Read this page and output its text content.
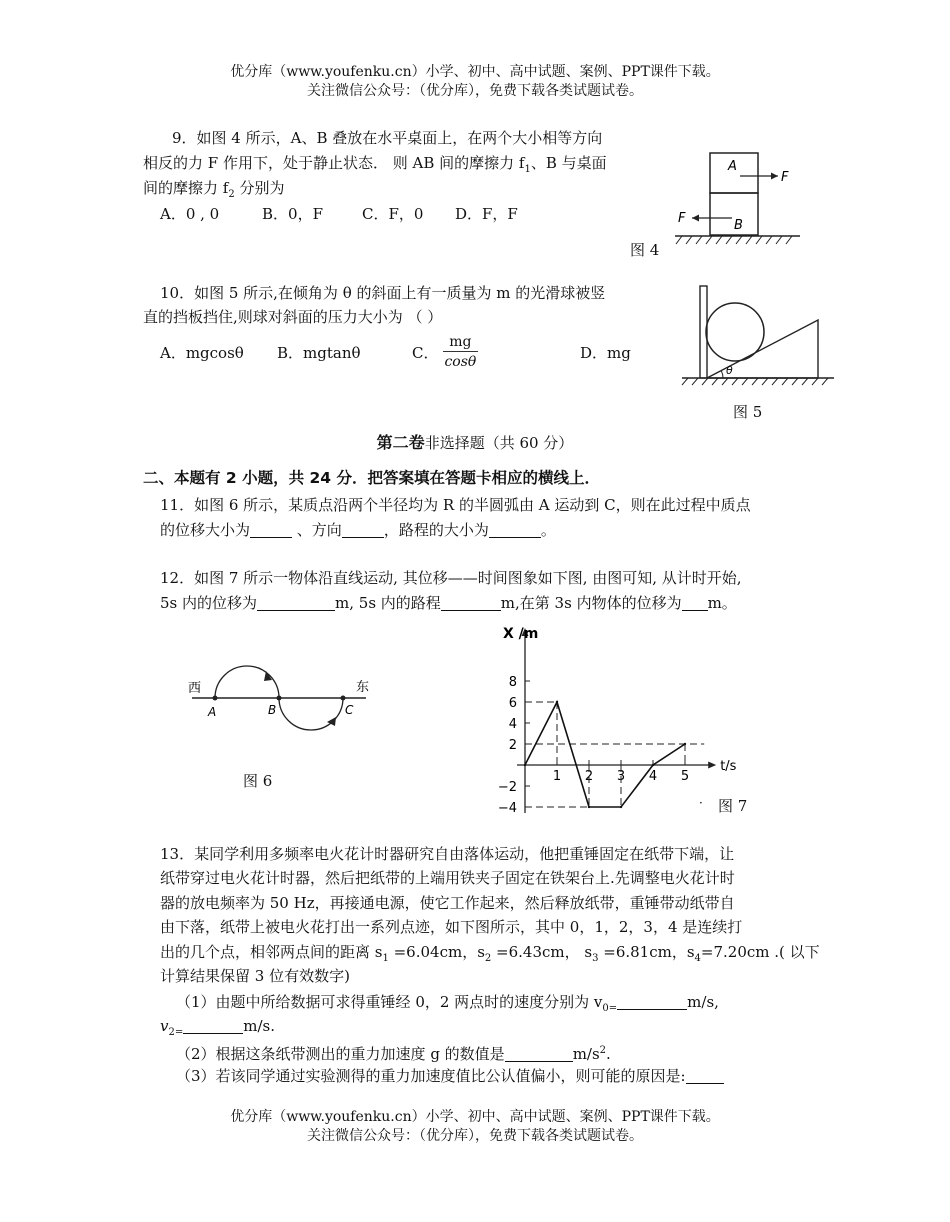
优分库（www.youfenku.cn）小学、初中、高中试题、案例、PPT课件下载。
关注微信公众号：（优分库），免费下载各类试题试卷。
9．如图 4 所示，A、B 叠放在水平桌面上，在两个大小相等方向
相反的力 F 作用下，处于静止状态． 则 AB 间的摩擦力 $f_1$、B 与桌面
间的摩擦力 $f_2$ 分别为
A．0 , 0	B．0，F	C．F，0 D．F，F
A
F
F	B
图 4
10．如图 5 所示,在倾角为 θ 的斜面上有一质量为 m 的光滑球被竖
直的挡板挡住,则球对斜面的压力大小为 （ ）
A．mgcosθ B．mgtanθ	C． $\frac{mg}{\cos\theta}$	D．mg
θ
图 5
第二卷非选择题（共 60 分）
二、本题有 2 小题，共 24 分．把答案填在答题卡相应的横线上．
11．如图 6 所示，某质点沿两个半径均为 R 的半圆弧由 A 运动到 C，则在此过程中质点
的位移大小为	、方向	，路程的大小为	。
12．如图 7 所示一物体沿直线运动, 其位移——时间图象如下图, 由图可知, 从计时开始,
5s 内的位移为	m, 5s 内的路程	m,在第 3s 内物体的位移为 m。
西	东
A	B	C
图 6
X /m
t/s
8
6
4
2
−2
−4
1 2 3 4 5
· 图 7
13．某同学利用多频率电火花计时器研究自由落体运动，他把重锤固定在纸带下端，让
纸带穿过电火花计时器，然后把纸带的上端用铁夹子固定在铁架台上.先调整电火花计时
器的放电频率为 50 Hz，再接通电源，使它工作起来，然后释放纸带，重锤带动纸带自
由下落，纸带上被电火花打出一系列点迹，如下图所示，其中 0，1，2，3，4 是连续打
出的几个点，相邻两点间的距离 $s_1 =6.04cm$，$s_2 =6.43cm$， $s_3 =6.81cm$，$s_4=7.20cm$ .( 以下
计算结果保留 3 位有效数字)
（1）由题中所给数据可求得重锤经 0，2 两点时的速度分别为 $v_{0=}$	m/s,
$v_{2=}$	m/s.
（2）根据这条纸带测出的重力加速度 g 的数值是	$m/s^2$.
（3）若该同学通过实验测得的重力加速度值比公认值偏小，则可能的原因是:
优分库（www.youfenku.cn）小学、初中、高中试题、案例、PPT课件下载。
关注微信公众号：（优分库），免费下载各类试题试卷。
